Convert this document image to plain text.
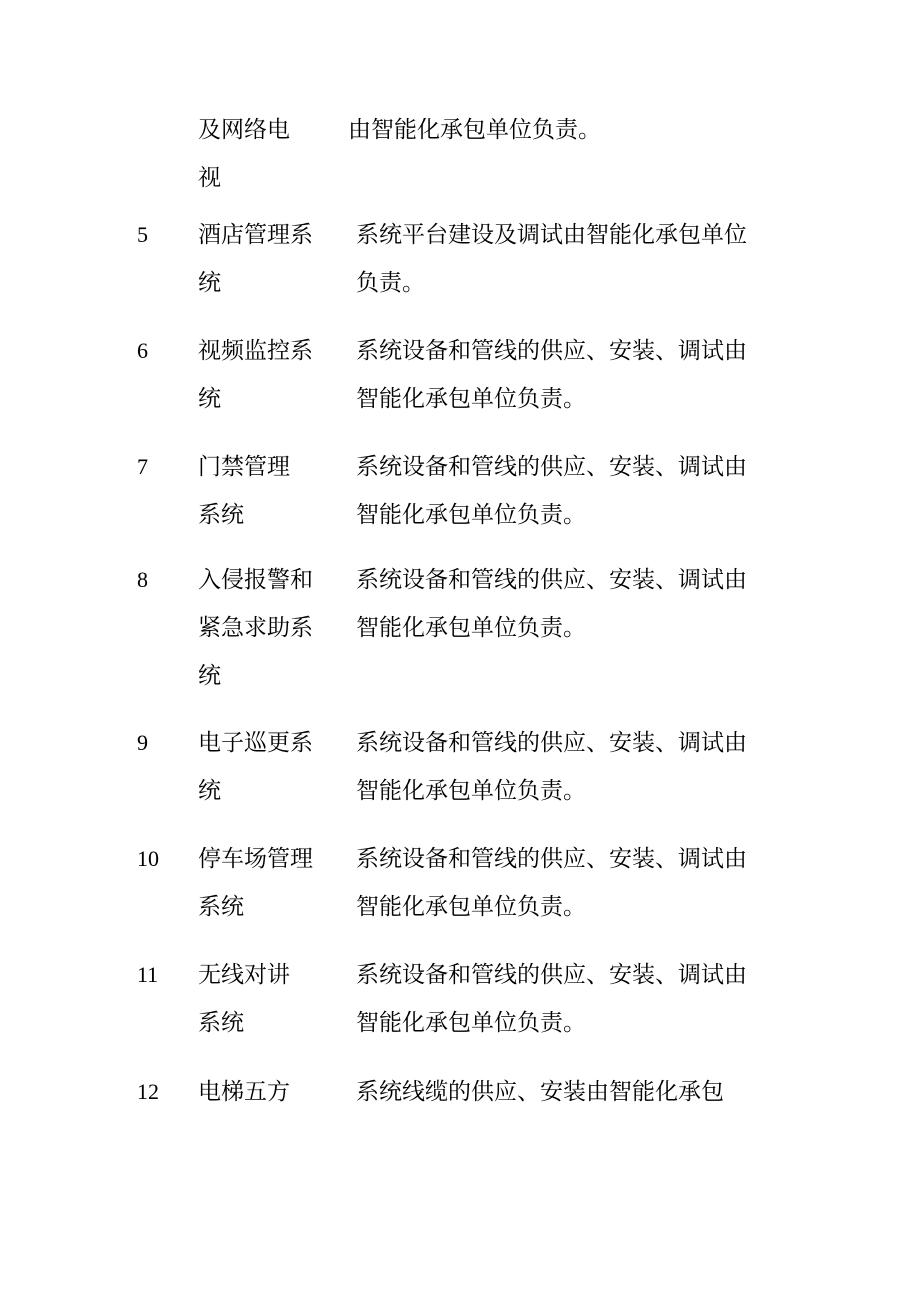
及网络电
视
由智能化承包单位负责。
5 酒店管理系
统
系统平台建设及调试由智能化承包单位
负责。
6 视频监控系
统
系统设备和管线的供应、安装、调试由
智能化承包单位负责。
7 门禁管理
系统
系统设备和管线的供应、安装、调试由
智能化承包单位负责。
8 入侵报警和
紧急求助系
统
系统设备和管线的供应、安装、调试由
智能化承包单位负责。
9 电子巡更系
统
系统设备和管线的供应、安装、调试由
智能化承包单位负责。
10 停车场管理
系统
系统设备和管线的供应、安装、调试由
智能化承包单位负责。
11 无线对讲
系统
系统设备和管线的供应、安装、调试由
智能化承包单位负责。
12 电梯五方	系统线缆的供应、安装由智能化承包
